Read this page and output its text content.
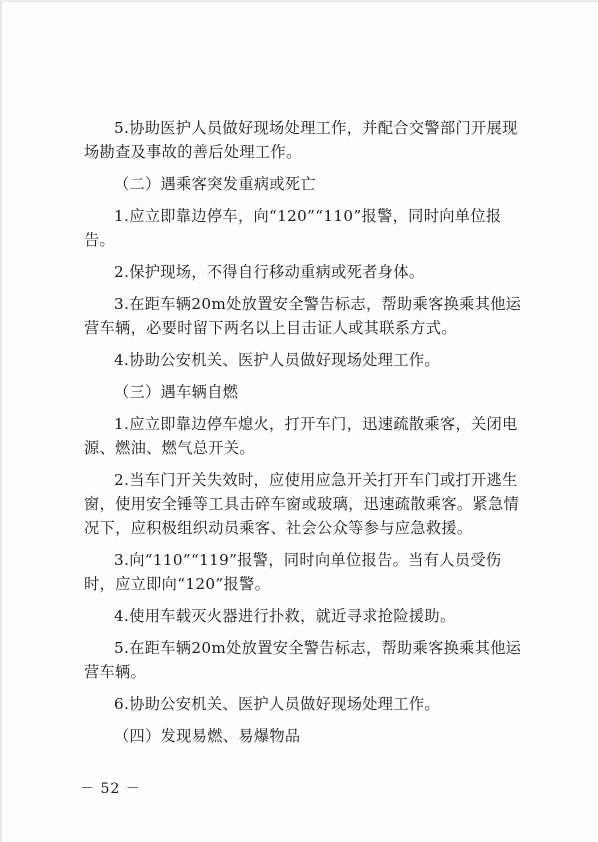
5.协助医护人员做好现场处理工作，并配合交警部门开展现
场勘查及事故的善后处理工作。
（二）遇乘客突发重病或死亡
1.应立即靠边停车，向“120”“110”报警，同时向单位报
告。
2.保护现场，不得自行移动重病或死者身体。
3.在距车辆20m处放置安全警告标志，帮助乘客换乘其他运
营车辆，必要时留下两名以上目击证人或其联系方式。
4.协助公安机关、医护人员做好现场处理工作。
（三）遇车辆自燃
1.应立即靠边停车熄火，打开车门，迅速疏散乘客，关闭电
源、燃油、燃气总开关。
2.当车门开关失效时，应使用应急开关打开车门或打开逃生
窗，使用安全锤等工具击碎车窗或玻璃，迅速疏散乘客。紧急情
况下，应积极组织动员乘客、社会公众等参与应急救援。
3.向“110”“119”报警，同时向单位报告。当有人员受伤
时，应立即向“120”报警。
4.使用车载灭火器进行扑救，就近寻求抢险援助。
5.在距车辆20m处放置安全警告标志，帮助乘客换乘其他运
营车辆。
6.协助公安机关、医护人员做好现场处理工作。
（四）发现易燃、易爆物品
－ 52 －
